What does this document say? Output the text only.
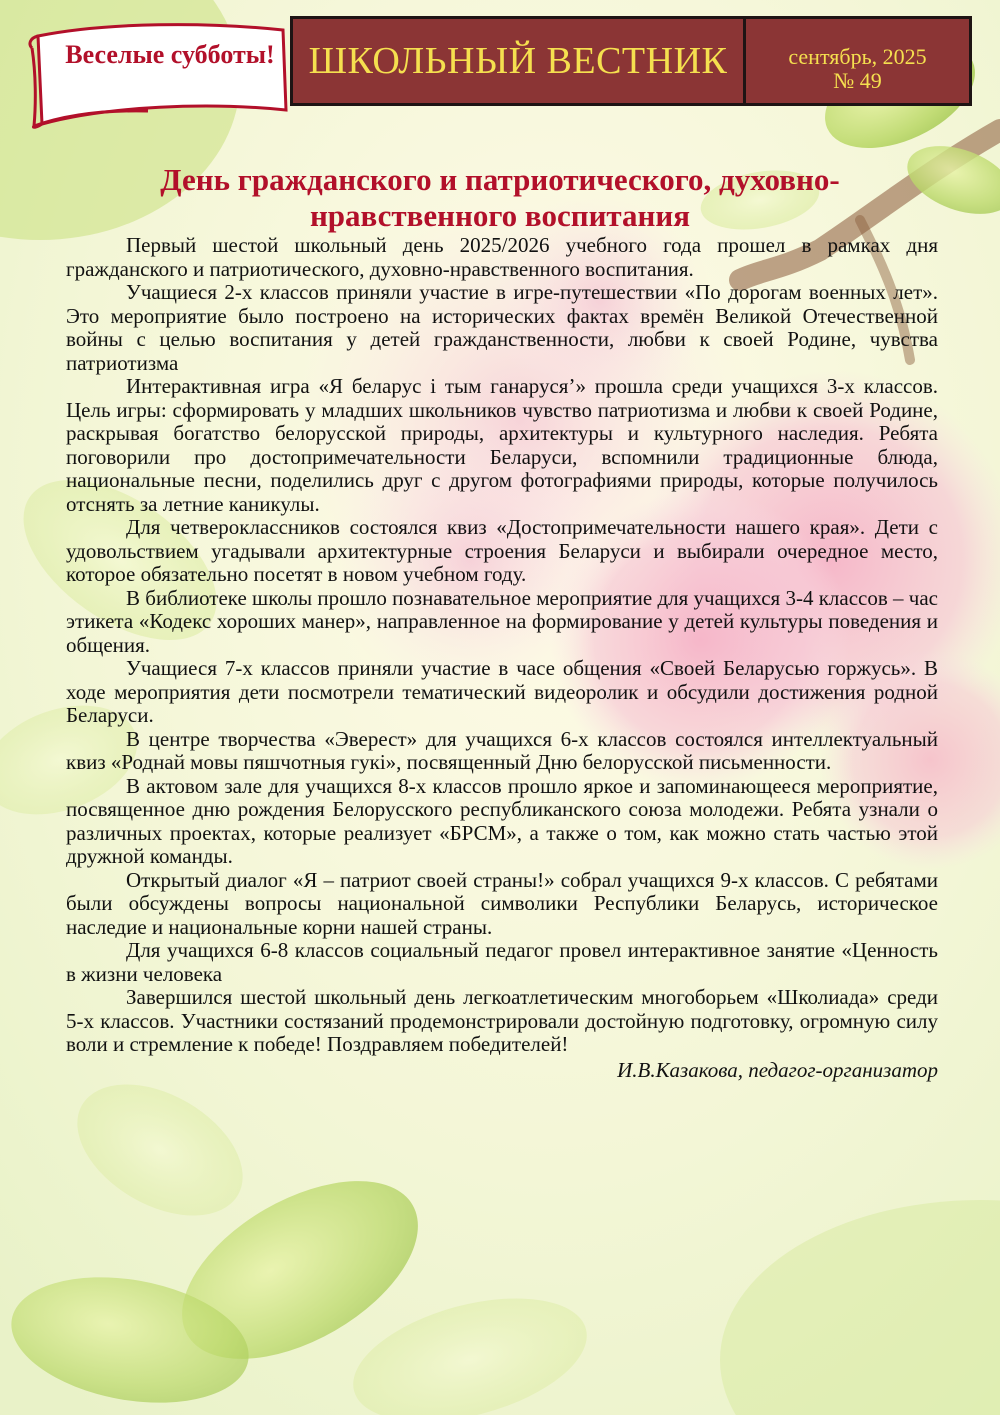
Веселые субботы! ШКОЛЬНЫЙ ВЕСТНИК	сентябрь, 2025
№ 49
День гражданского и патриотического, духовно-нравственного воспитания

Первый шестой школьный день 2025/2026 учебного года прошел в рамках дня гражданского и патриотического, духовно-нравственного воспитания.

Учащиеся 2-х классов приняли участие в игре-путешествии «По дорогам военных лет». Это мероприятие было построено на исторических фактах времён Великой Отечественной войны с целью воспитания у детей гражданственности, любви к своей Родине, чувства патриотизма

Интерактивная игра «Я беларус і тым ганарусяʼ» прошла среди учащихся 3-х классов. Цель игры: сформировать у младших школьников чувство патриотизма и любви к своей Родине, раскрывая богатство белорусской природы, архитектуры и культурного наследия. Ребята поговорили про достопримечательности Беларуси, вспомнили традиционные блюда, национальные песни, поделились друг с другом фотографиями природы, которые получилось отснять за летние каникулы.

Для четвероклассников состоялся квиз «Достопримечательности нашего края». Дети с удовольствием угадывали архитектурные строения Беларуси и выбирали очередное место, которое обязательно посетят в новом учебном году.

В библиотеке школы прошло познавательное мероприятие для учащихся 3-4 классов – час этикета «Кодекс хороших манер», направленное на формирование у детей культуры поведения и общения.

Учащиеся 7-х классов приняли участие в часе общения «Своей Беларусью горжусь». В ходе мероприятия дети посмотрели тематический видеоролик и обсудили достижения родной Беларуси.

В центре творчества «Эверест» для учащихся 6-х классов состоялся интеллектуальный квиз «Роднай мовы пяшчотныя гукі», посвященный Дню белорусской письменности.

В актовом зале для учащихся 8-х классов прошло яркое и запоминающееся мероприятие, посвященное дню рождения Белорусского республиканского союза молодежи. Ребята узнали о различных проектах, которые реализует «БРСМ», а также о том, как можно стать частью этой дружной команды.

Открытый диалог «Я – патриот своей страны!» собрал учащихся 9-х классов. С ребятами были обсуждены вопросы национальной символики Республики Беларусь, историческое наследие и национальные корни нашей страны.

Для учащихся 6-8 классов социальный педагог провел интерактивное занятие «Ценность в жизни человека

Завершился шестой школьный день легкоатлетическим многоборьем «Школиада» среди 5-х классов. Участники состязаний продемонстрировали достойную подготовку, огромную силу воли и стремление к победе! Поздравляем победителей!

И.В.Казакова, педагог-организатор
